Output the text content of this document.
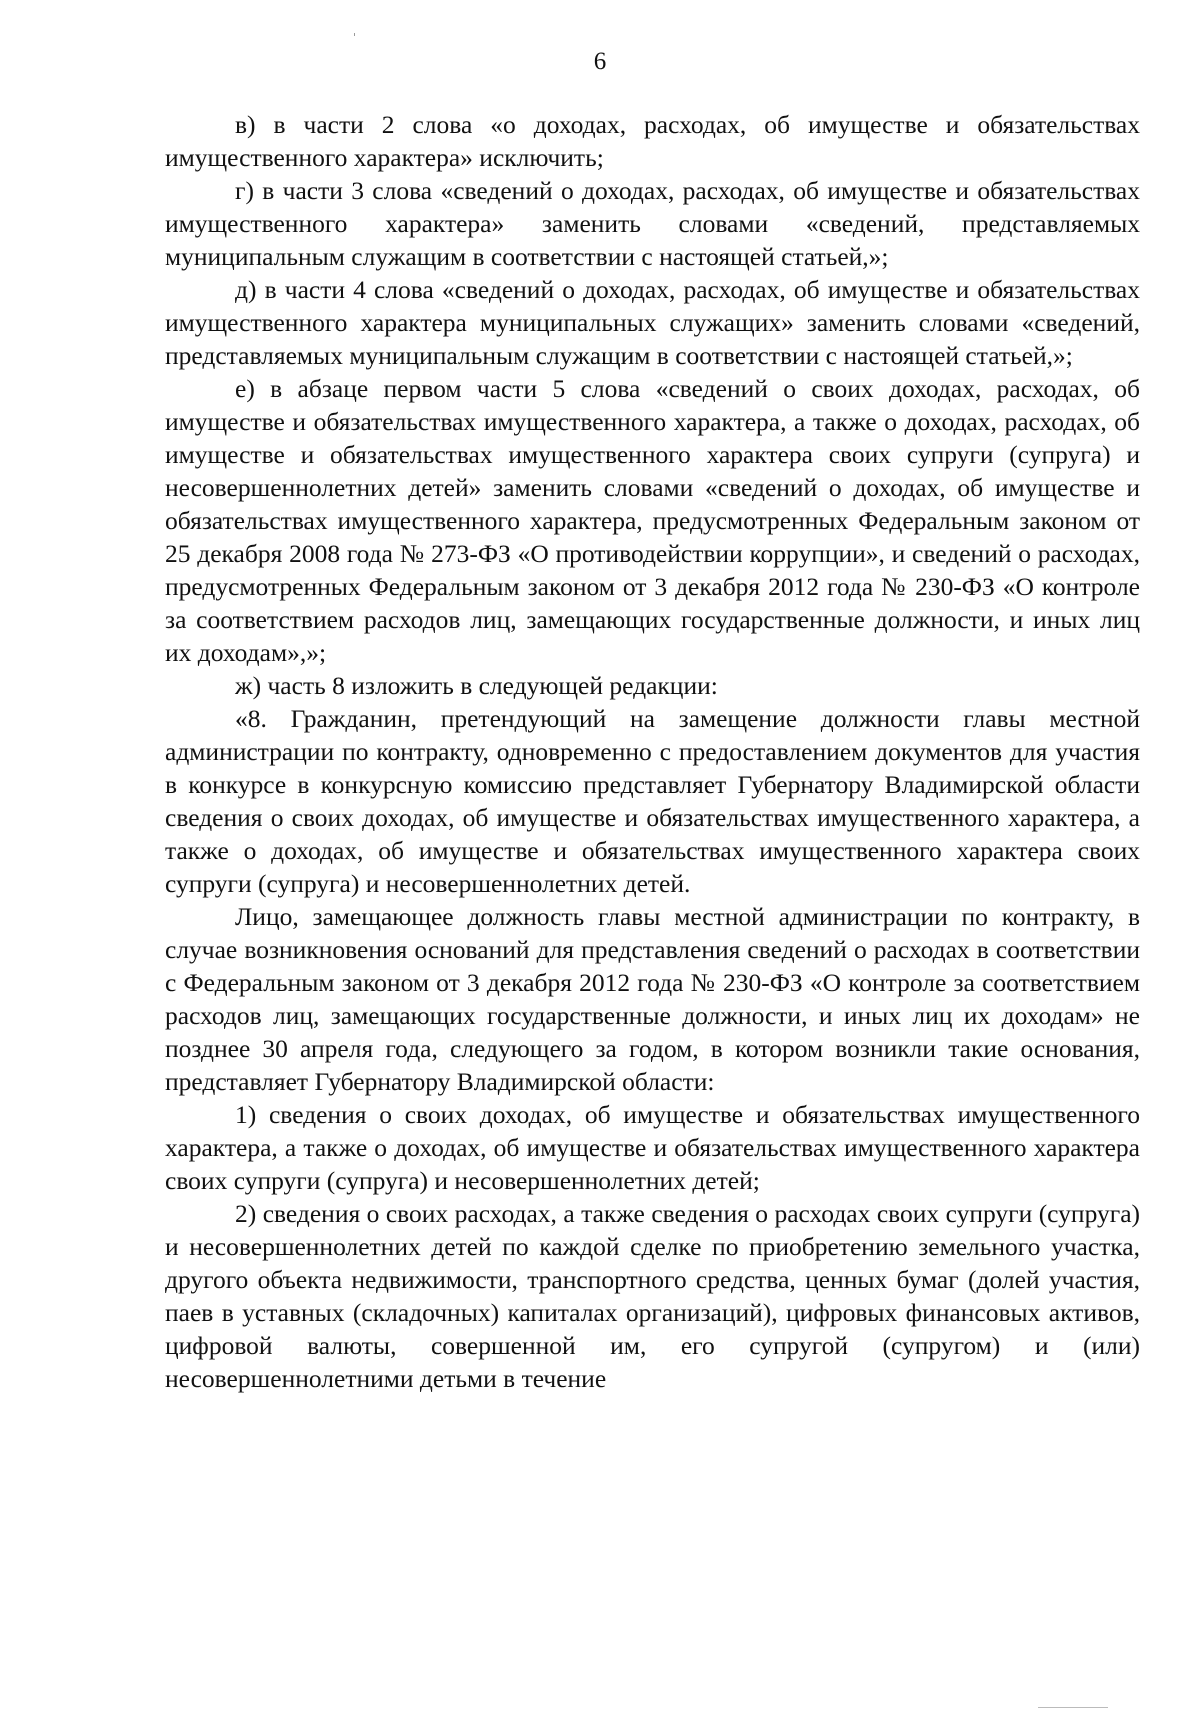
6

в) в части 2 слова «о доходах, расходах, об имуществе и обязательствах имущественного характера» исключить;

г) в части 3 слова «сведений о доходах, расходах, об имуществе и обязательствах имущественного характера» заменить словами «сведений, представляемых муниципальным служащим в соответствии с настоящей статьей,»;

д) в части 4 слова «сведений о доходах, расходах, об имуществе и обязательствах имущественного характера муниципальных служащих» заменить словами «сведений, представляемых муниципальным служащим в соответствии с настоящей статьей,»;

е) в абзаце первом части 5 слова «сведений о своих доходах, расходах, об имуществе и обязательствах имущественного характера, а также о доходах, расходах, об имуществе и обязательствах имущественного характера своих супруги (супруга) и несовершеннолетних детей» заменить словами «сведений о доходах, об имуществе и обязательствах имущественного характера, предусмотренных Федеральным законом от 25 декабря 2008 года № 273-ФЗ «О противодействии коррупции», и сведений о расходах, предусмотренных Федеральным законом от 3 декабря 2012 года № 230-ФЗ «О контроле за соответствием расходов лиц, замещающих государственные должности, и иных лиц их доходам»,»;

ж) часть 8 изложить в следующей редакции:

«8. Гражданин, претендующий на замещение должности главы местной администрации по контракту, одновременно с предоставлением документов для участия в конкурсе в конкурсную комиссию представляет Губернатору Владимирской области сведения о своих доходах, об имуществе и обязательствах имущественного характера, а также о доходах, об имуществе и обязательствах имущественного характера своих супруги (супруга) и несовершеннолетних детей.

Лицо, замещающее должность главы местной администрации по контракту, в случае возникновения оснований для представления сведений о расходах в соответствии с Федеральным законом от 3 декабря 2012 года № 230-ФЗ «О контроле за соответствием расходов лиц, замещающих государственные должности, и иных лиц их доходам» не позднее 30 апреля года, следующего за годом, в котором возникли такие основания, представляет Губернатору Владимирской области:

1) сведения о своих доходах, об имуществе и обязательствах имущественного характера, а также о доходах, об имуществе и обязательствах имущественного характера своих супруги (супруга) и несовершеннолетних детей;

2) сведения о своих расходах, а также сведения о расходах своих супруги (супруга) и несовершеннолетних детей по каждой сделке по приобретению земельного участка, другого объекта недвижимости, транспортного средства, ценных бумаг (долей участия, паев в уставных (складочных) капиталах организаций), цифровых финансовых активов, цифровой валюты, совершенной им, его супругой (супругом) и (или) несовершеннолетними детьми в течение
